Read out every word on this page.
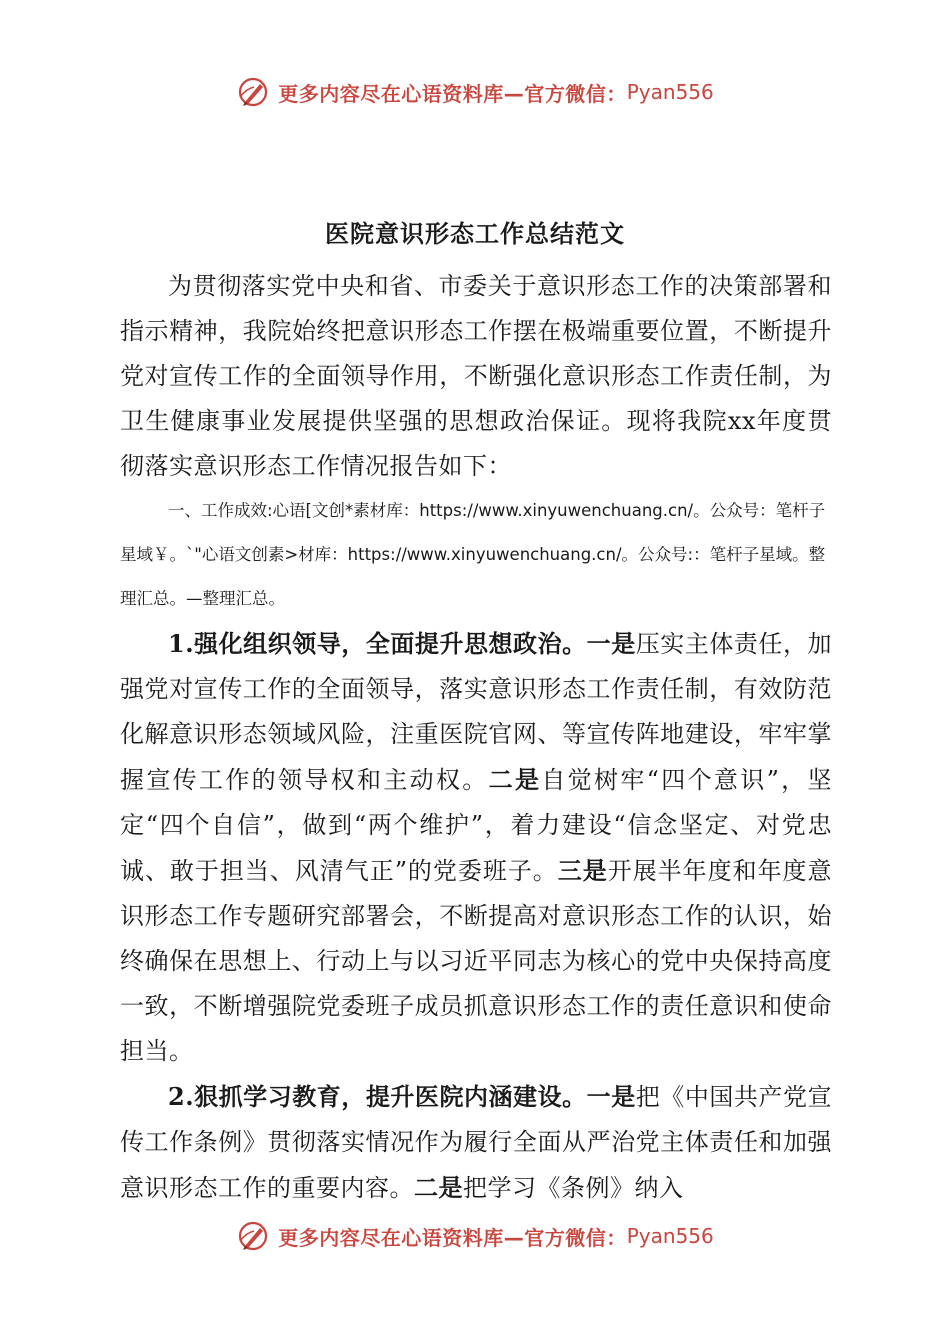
更多内容尽在心语资料库—官方微信： Pyan556
医院意识形态工作总结范文

为贯彻落实党中央和省、市委关于意识形态工作的决策部署和指示精神，我院始终把意识形态工作摆在极端重要位置，不断提升党对宣传工作的全面领导作用，不断强化意识形态工作责任制，为卫生健康事业发展提供坚强的思想政治保证。现将我院xx年度贯彻落实意识形态工作情况报告如下：

一、工作成效:心语[文创*素材库：https://www.xinyuwenchuang.cn/。公众号：笔杆子星域￥。`"心语文创素>材库：https://www.xinyuwenchuang.cn/。公众号:：笔杆子星域。整理汇总。—整理汇总。

1.强化组织领导，全面提升思想政治。一是压实主体责任，加强党对宣传工作的全面领导，落实意识形态工作责任制，有效防范化解意识形态领域风险，注重医院官网、等宣传阵地建设，牢牢掌握宣传工作的领导权和主动权。二是自觉树牢“四个意识”，坚定“四个自信”，做到“两个维护”，着力建设“信念坚定、对党忠诚、敢于担当、风清气正”的党委班子。三是开展半年度和年度意识形态工作专题研究部署会，不断提高对意识形态工作的认识，始终确保在思想上、行动上与以习近平同志为核心的党中央保持高度一致，不断增强院党委班子成员抓意识形态工作的责任意识和使命担当。

2.狠抓学习教育，提升医院内涵建设。一是把《中国共产党宣传工作条例》贯彻落实情况作为履行全面从严治党主体责任和加强意识形态工作的重要内容。二是把学习《条例》纳入

更多内容尽在心语资料库—官方微信： Pyan556
